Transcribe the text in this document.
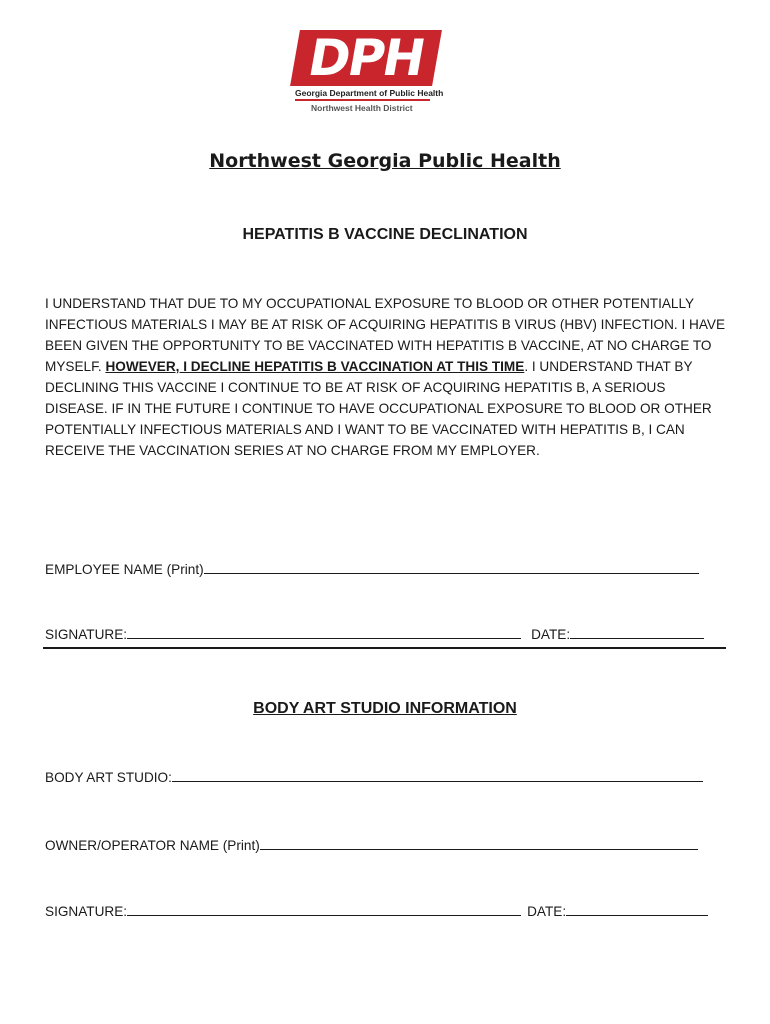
DPH
Georgia Department of Public Health
Northwest Health District
Northwest Georgia Public Health
HEPATITIS B VACCINE DECLINATION

I UNDERSTAND THAT DUE TO MY OCCUPATIONAL EXPOSURE TO BLOOD OR OTHER POTENTIALLY INFECTIOUS MATERIALS I MAY BE AT RISK OF ACQUIRING HEPATITIS B VIRUS (HBV) INFECTION. I HAVE BEEN GIVEN THE OPPORTUNITY TO BE VACCINATED WITH HEPATITIS B VACCINE, AT NO CHARGE TO MYSELF. HOWEVER, I DECLINE HEPATITIS B VACCINATION AT THIS TIME. I UNDERSTAND THAT BY DECLINING THIS VACCINE I CONTINUE TO BE AT RISK OF ACQUIRING HEPATITIS B, A SERIOUS DISEASE. IF IN THE FUTURE I CONTINUE TO HAVE OCCUPATIONAL EXPOSURE TO BLOOD OR OTHER POTENTIALLY INFECTIOUS MATERIALS AND I WANT TO BE VACCINATED WITH HEPATITIS B, I CAN RECEIVE THE VACCINATION SERIES AT NO CHARGE FROM MY EMPLOYER.

EMPLOYEE NAME (Print)
SIGNATURE:	DATE:
BODY ART STUDIO INFORMATION
BODY ART STUDIO:
OWNER/OPERATOR NAME (Print)
SIGNATURE:	DATE:
